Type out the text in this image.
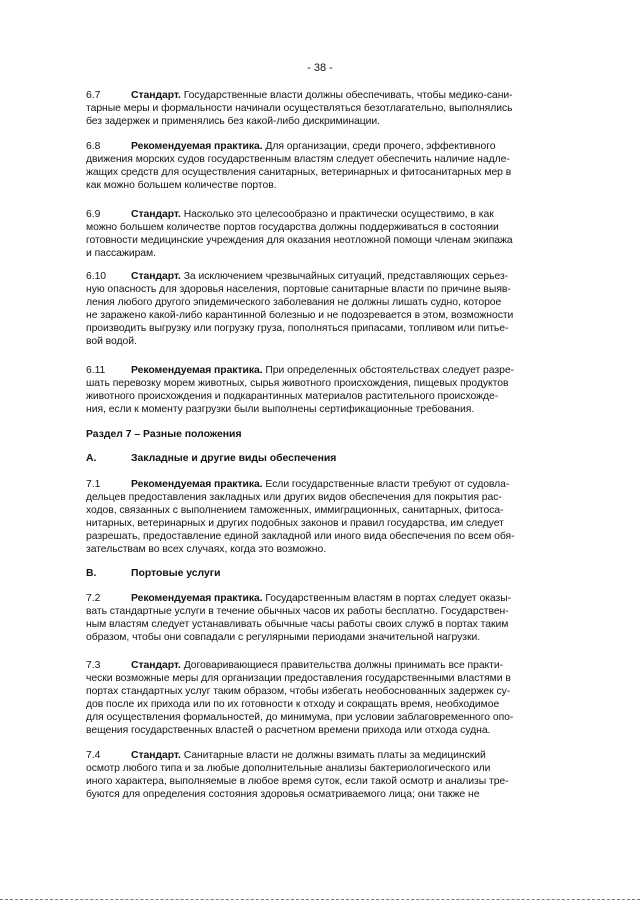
- 38 -
6.7	Стандарт. Государственные власти должны обеспечивать, чтобы медико-сани-
тарные меры и формальности начинали осуществляться безотлагательно, выполнялись
без задержек и применялись без какой-либо дискриминации.
6.8	Рекомендуемая практика. Для организации, среди прочего, эффективного
движения морских судов государственным властям следует обеспечить наличие надле-
жащих средств для осуществления санитарных, ветеринарных и фитосанитарных мер в
как можно большем количестве портов.
6.9	Стандарт. Насколько это целесообразно и практически осуществимо, в как
можно большем количестве портов государства должны поддерживаться в состоянии
готовности медицинские учреждения для оказания неотложной помощи членам экипажа
и пассажирам.
6.10 Стандарт. За исключением чрезвычайных ситуаций, представляющих серьез-
ную опасность для здоровья населения, портовые санитарные власти по причине выяв-
ления любого другого эпидемического заболевания не должны лишать судно, которое
не заражено какой-либо карантинной болезнью и не подозревается в этом, возможности
производить выгрузку или погрузку груза, пополняться припасами, топливом или питье-
вой водой.
6.11 Рекомендуемая практика. При определенных обстоятельствах следует разре-
шать перевозку морем животных, сырья животного происхождения, пищевых продуктов
животного происхождения и подкарантинных материалов растительного происхожде-
ния, если к моменту разгрузки были выполнены сертификационные требования.
Раздел 7 – Разные положения
A.	Закладные и другие виды обеспечения
7.1	Рекомендуемая практика. Если государственные власти требуют от судовла-
дельцев предоставления закладных или других видов обеспечения для покрытия рас-
ходов, связанных с выполнением таможенных, иммиграционных, санитарных, фитоса-
нитарных, ветеринарных и других подобных законов и правил государства, им следует
разрешать, предоставление единой закладной или иного вида обеспечения по всем обя-
зательствам во всех случаях, когда это возможно.
B.	Портовые услуги
7.2	Рекомендуемая практика. Государственным властям в портах следует оказы-
вать стандартные услуги в течение обычных часов их работы бесплатно. Государствен-
ным властям следует устанавливать обычные часы работы своих служб в портах таким
образом, чтобы они совпадали с регулярными периодами значительной нагрузки.
7.3	Стандарт. Договаривающиеся правительства должны принимать все практи-
чески возможные меры для организации предоставления государственными властями в
портах стандартных услуг таким образом, чтобы избегать необоснованных задержек су-
дов после их прихода или по их готовности к отходу и сокращать время, необходимое
для осуществления формальностей, до минимума, при условии заблаговременного опо-
вещения государственных властей о расчетном времени прихода или отхода судна.
7.4	Стандарт. Санитарные власти не должны взимать платы за медицинский
осмотр любого типа и за любые дополнительные анализы бактериологического или
иного характера, выполняемые в любое время суток, если такой осмотр и анализы тре-
буются для определения состояния здоровья осматриваемого лица; они также не
